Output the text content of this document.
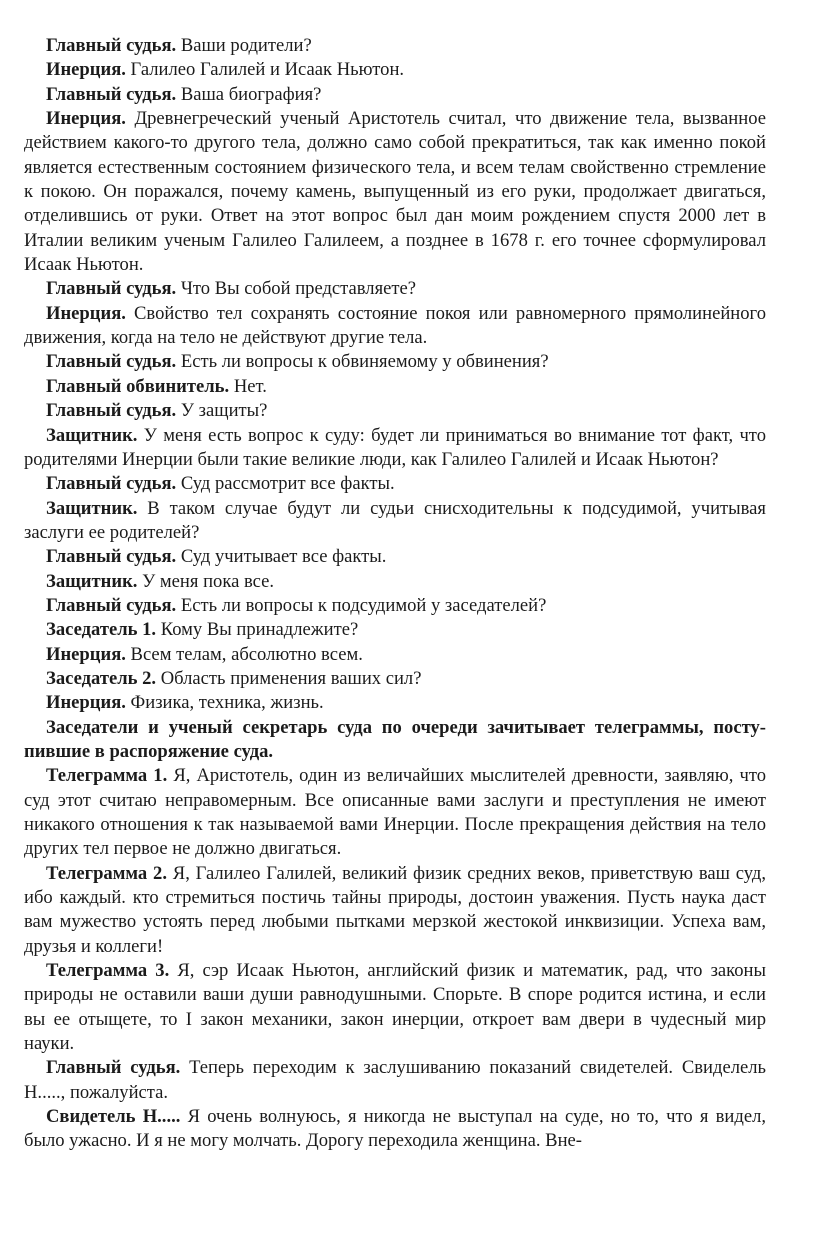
Главный судья. Ваши родители?

Инерция. Галилео Галилей и Исаак Ньютон.

Главный судья. Ваша биография?

Инерция. Древнегреческий ученый Аристотель считал, что движение тела, вызванное действием какого-то другого тела, должно само собой прекратиться, так как именно покой является естественным состоянием физического тела, и всем телам свойственно стремление к покою. Он поражался, почему камень, выпущенный из его руки, продолжает двигаться, отделившись от руки. Ответ на этот вопрос был дан моим рождением спустя 2000 лет в Италии великим ученым Галилео Галилеем, а позднее в 1678 г. его точнее сформулировал Исаак Ньютон.

Главный судья. Что Вы собой представляете?

Инерция. Свойство тел сохранять состояние покоя или равномерного прямолинейного движения, когда на тело не действуют другие тела.

Главный судья. Есть ли вопросы к обвиняемому у обвинения?

Главный обвинитель. Нет.

Главный судья. У защиты?

Защитник. У меня есть вопрос к суду: будет ли приниматься во внимание тот факт, что родителями Инерции были такие великие люди, как Галилео Галилей и Исаак Ньютон?

Главный судья. Суд рассмотрит все факты.

Защитник. В таком случае будут ли судьи снисходительны к подсудимой, учитывая заслуги ее родителей?

Главный судья. Суд учитывает все факты.

Защитник. У меня пока все.

Главный судья. Есть ли вопросы к подсудимой у заседателей?

Заседатель 1. Кому Вы принадлежите?

Инерция. Всем телам, абсолютно всем.

Заседатель 2. Область применения ваших сил?

Инерция. Физика, техника, жизнь.

Заседатели и ученый секретарь суда по очереди зачитывает телеграммы, поступившие в распоряжение суда.

Телеграмма 1. Я, Аристотель, один из величайших мыслителей древности, заявляю, что суд этот считаю неправомерным. Все описанные вами заслуги и преступления не имеют никакого отношения к так называемой вами Инерции. После прекращения действия на тело других тел первое не должно двигаться.

Телеграмма 2. Я, Галилео Галилей, великий физик средних веков, приветствую ваш суд, ибо каждый. кто стремиться постичь тайны природы, достоин уважения. Пусть наука даст вам мужество устоять перед любыми пытками мерзкой жестокой инквизиции. Успеха вам, друзья и коллеги!

Телеграмма 3. Я, сэр Исаак Ньютон, английский физик и математик, рад, что законы природы не оставили ваши души равнодушными. Спорьте. В споре родится истина, и если вы ее отыщете, то I закон механики, закон инерции, откроет вам двери в чудесный мир науки.

Главный судья. Теперь переходим к заслушиванию показаний свидетелей. Свиделель Н....., пожалуйста.

Свидетель Н..... Я очень волнуюсь, я никогда не выступал на суде, но то, что я видел, было ужасно. И я не могу молчать. Дорогу переходила женщина. Вне-
